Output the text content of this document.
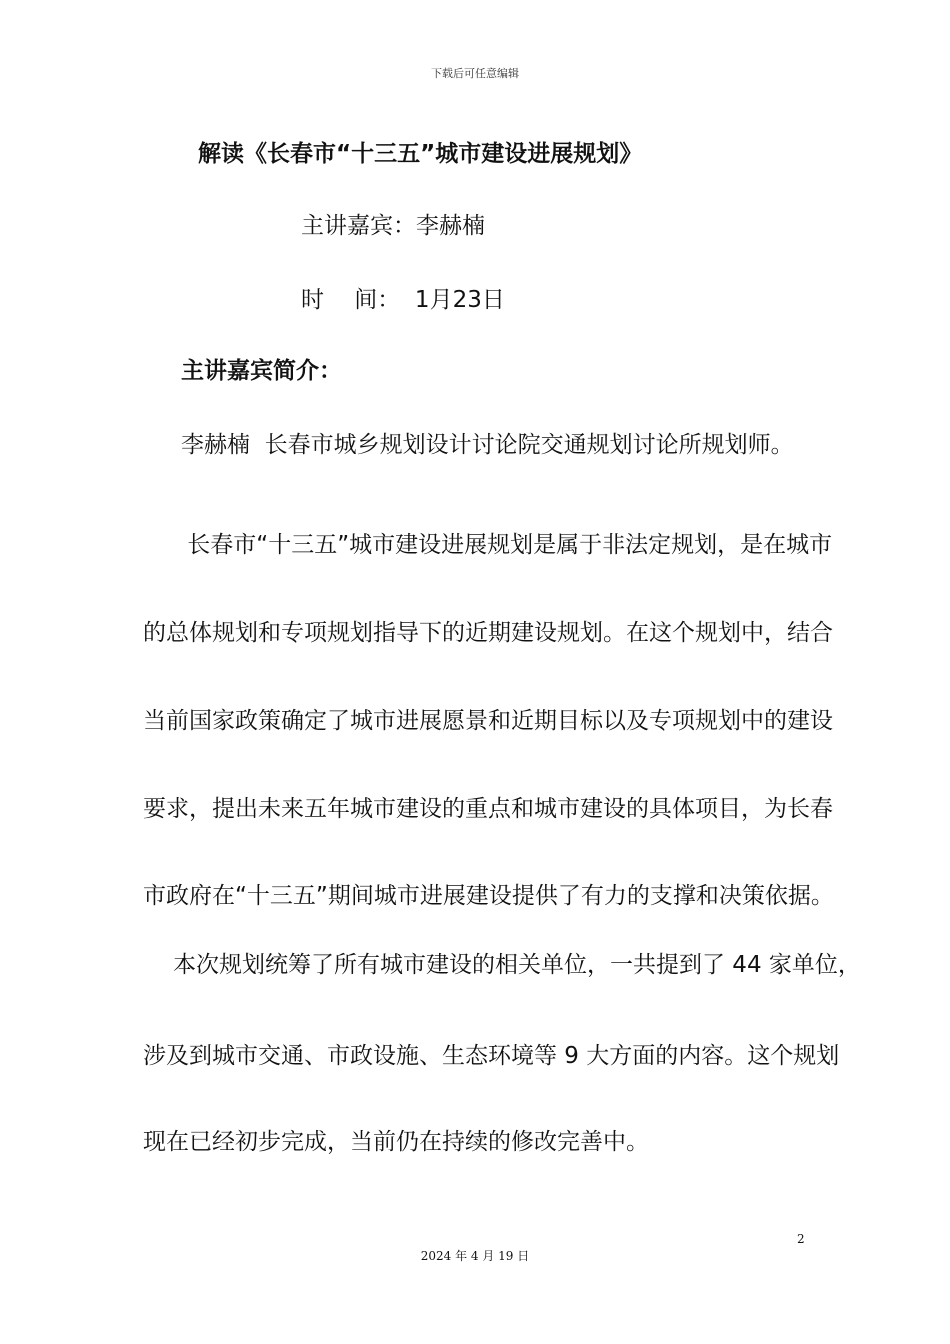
下载后可任意编辑
解读《长春市“十三五”城市建设进展规划》
主讲嘉宾：李赫楠
时　 间：  1月23日
主讲嘉宾简介：
李赫楠  长春市城乡规划设计讨论院交通规划讨论所规划师。
长春市“十三五”城市建设进展规划是属于非法定规划，是在城市
的总体规划和专项规划指导下的近期建设规划。在这个规划中，结合
当前国家政策确定了城市进展愿景和近期目标以及专项规划中的建设
要求，提出未来五年城市建设的重点和城市建设的具体项目，为长春
市政府在“十三五”期间城市进展建设提供了有力的支撑和决策依据。
本次规划统筹了所有城市建设的相关单位，一共提到了 44 家单位，
涉及到城市交通、市政设施、生态环境等 9 大方面的内容。这个规划
现在已经初步完成，当前仍在持续的修改完善中。
2
2024 年 4 月 19 日
